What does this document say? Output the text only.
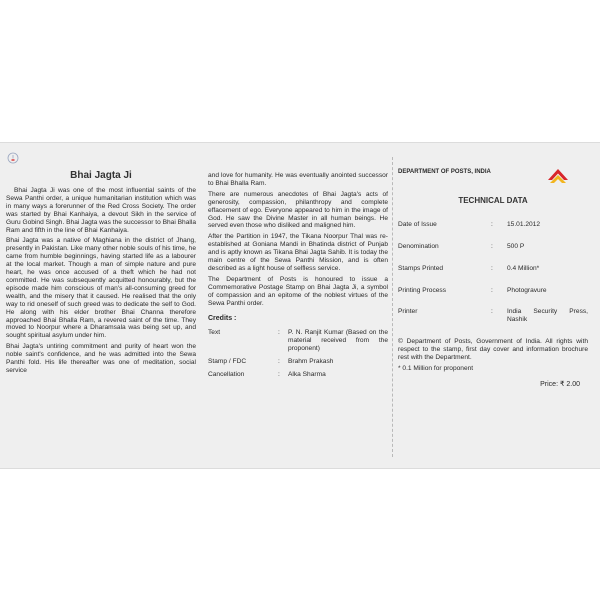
Bhai Jagta Ji

Bhai Jagta Ji was one of the most influential saints of the Sewa Panthi order, a unique humanitarian institution which was in many ways a forerunner of the Red Cross Society. The order was started by Bhai Kanhaiya, a devout Sikh in the service of Guru Gobind Singh. Bhai Jagta was the successor to Bhai Bhalla Ram and fifth in the line of Bhai Kanhaiya.

Bhai Jagta was a native of Maghiana in the district of Jhang, presently in Pakistan. Like many other noble souls of his time, he came from humble beginnings, having started life as a labourer at the local market. Though a man of simple nature and pure heart, he was once accused of a theft which he had not committed. He was subsequently acquitted honourably, but the episode made him conscious of man's all-consuming greed for wealth, and the misery that it caused. He realised that the only way to rid oneself of such greed was to dedicate the self to God. He along with his elder brother Bhai Channa therefore approached Bhai Bhalla Ram, a revered saint of the time. They moved to Noorpur where a Dharamsala was being set up, and sought spiritual asylum under him.

Bhai Jagta's untiring commitment and purity of heart won the noble saint's confidence, and he was admitted into the Sewa Panthi fold. His life thereafter was one of meditation, social service

and love for humanity. He was eventually anointed successor to Bhai Bhalla Ram.

There are numerous anecdotes of Bhai Jagta's acts of generosity, compassion, philanthropy and complete effacement of ego. Everyone appeared to him in the image of God. He saw the Divine Master in all human beings. He served even those who disliked and maligned him.

After the Partition in 1947, the Tikana Noorpur Thal was re-established at Goniana Mandi in Bhatinda district of Punjab and is aptly known as Tikana Bhai Jagta Sahib. It is today the main centre of the Sewa Panthi Mission, and is often described as a light house of selfless service.

The Department of Posts is honoured to issue a Commemorative Postage Stamp on Bhai Jagta Ji, a symbol of compassion and an epitome of the noblest virtues of the Sewa Panthi order.

Credits :
Text	:	P. N. Ranjit Kumar (Based on the material received from the proponent)
Stamp / FDC	:	Brahm Prakash
Cancellation	:	Alka Sharma
DEPARTMENT OF POSTS, INDIA
TECHNICAL DATA
Date of Issue	:	15.01.2012
Denomination	:	500 P
Stamps Printed	:	0.4 Million*
Printing Process	:	Photogravure
Printer	:	India Security Press, Nashik

© Department of Posts, Government of India. All rights with respect to the stamp, first day cover and information brochure rest with the Department.

* 0.1 Million for proponent

Price: ₹ 2.00
